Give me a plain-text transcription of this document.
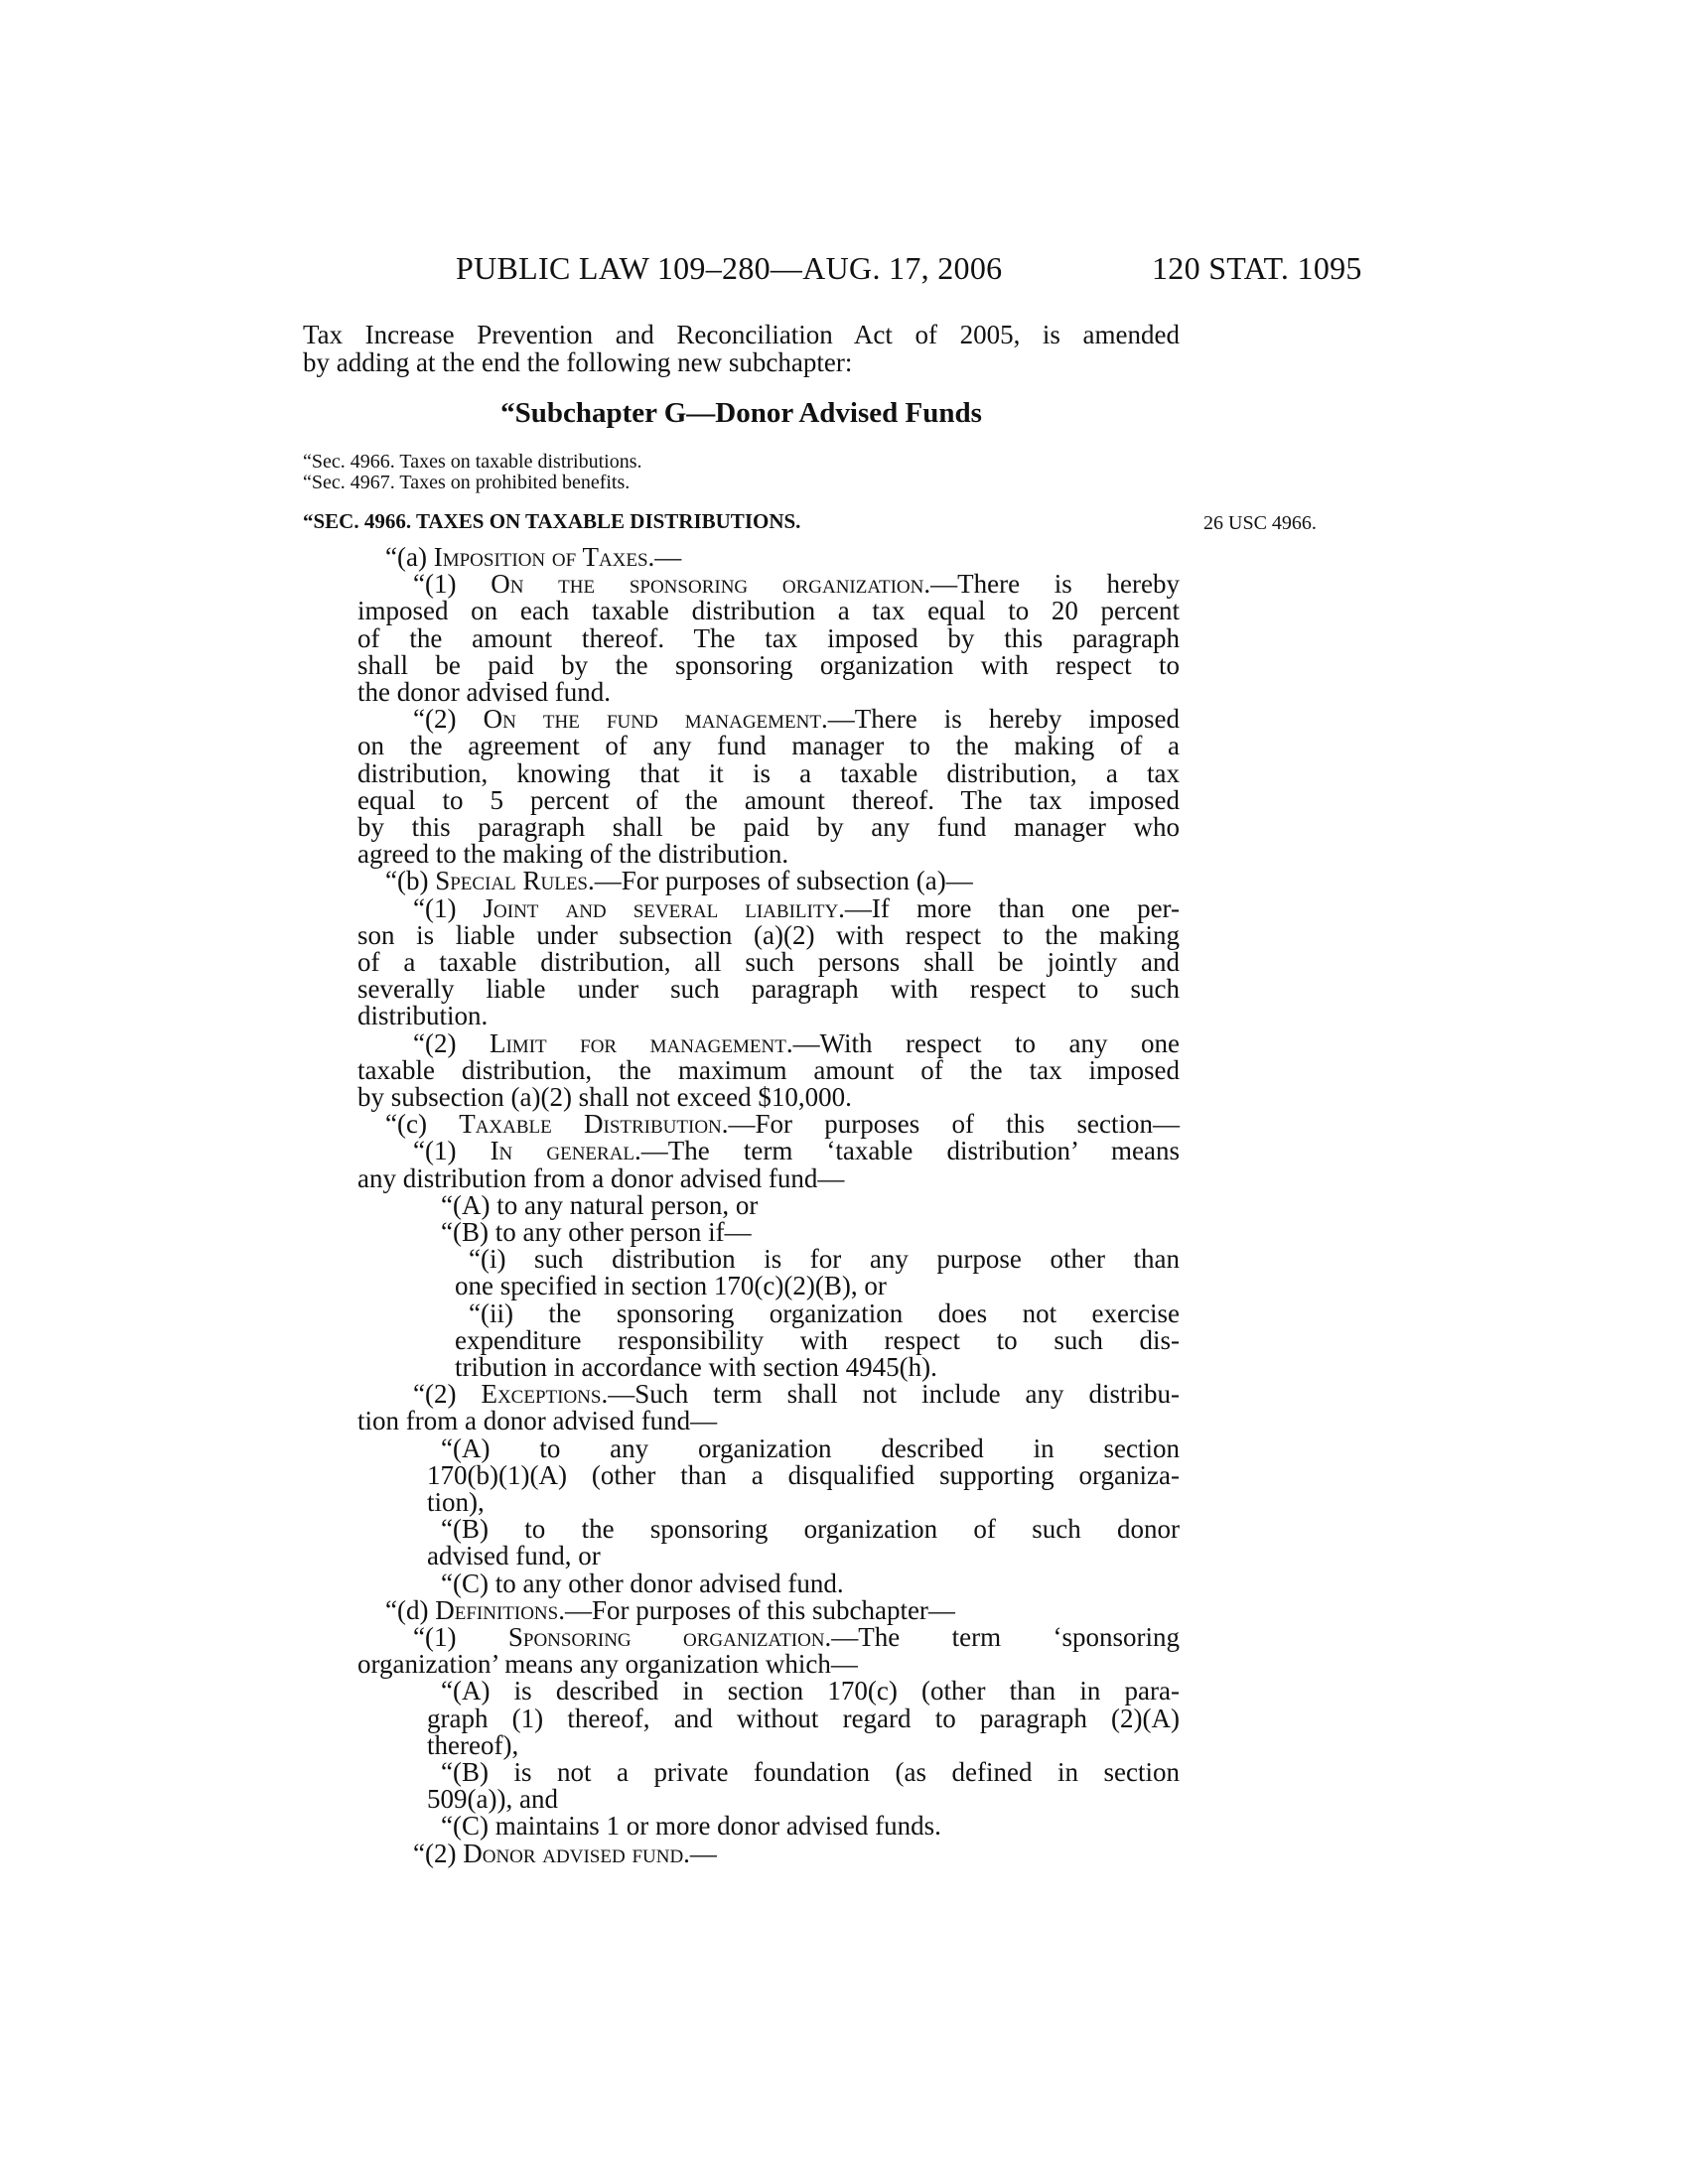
PUBLIC LAW 109–280—AUG. 17, 2006	120 STAT. 1095
Tax Increase Prevention and Reconciliation Act of 2005, is amended
by adding at the end the following new subchapter:
“Subchapter G—Donor Advised Funds
“Sec. 4966. Taxes on taxable distributions.
“Sec. 4967. Taxes on prohibited benefits.
“SEC. 4966. TAXES ON TAXABLE DISTRIBUTIONS.	26 USC 4966.
“(a) Imposition of Taxes.—
“(1) On the sponsoring organization.—There is hereby
imposed on each taxable distribution a tax equal to 20 percent
of the amount thereof. The tax imposed by this paragraph
shall be paid by the sponsoring organization with respect to
the donor advised fund.
“(2) On the fund management.—There is hereby imposed
on the agreement of any fund manager to the making of a
distribution, knowing that it is a taxable distribution, a tax
equal to 5 percent of the amount thereof. The tax imposed
by this paragraph shall be paid by any fund manager who
agreed to the making of the distribution.
“(b) Special Rules.—For purposes of subsection (a)—
“(1) Joint and several liability.—If more than one per-
son is liable under subsection (a)(2) with respect to the making
of a taxable distribution, all such persons shall be jointly and
severally liable under such paragraph with respect to such
distribution.
“(2) Limit for management.—With respect to any one
taxable distribution, the maximum amount of the tax imposed
by subsection (a)(2) shall not exceed $10,000.
“(c) Taxable Distribution.—For purposes of this section—
“(1) In general.—The term ‘taxable distribution’ means
any distribution from a donor advised fund—
“(A) to any natural person, or
“(B) to any other person if—
“(i) such distribution is for any purpose other than
one specified in section 170(c)(2)(B), or
“(ii) the sponsoring organization does not exercise
expenditure responsibility with respect to such dis-
tribution in accordance with section 4945(h).
“(2) Exceptions.—Such term shall not include any distribu-
tion from a donor advised fund—
“(A) to any organization described in section
170(b)(1)(A) (other than a disqualified supporting organiza-
tion),
“(B) to the sponsoring organization of such donor
advised fund, or
“(C) to any other donor advised fund.
“(d) Definitions.—For purposes of this subchapter—
“(1) Sponsoring organization.—The term ‘sponsoring
organization’ means any organization which—
“(A) is described in section 170(c) (other than in para-
graph (1) thereof, and without regard to paragraph (2)(A)
thereof),
“(B) is not a private foundation (as defined in section
509(a)), and
“(C) maintains 1 or more donor advised funds.
“(2) Donor advised fund.—
